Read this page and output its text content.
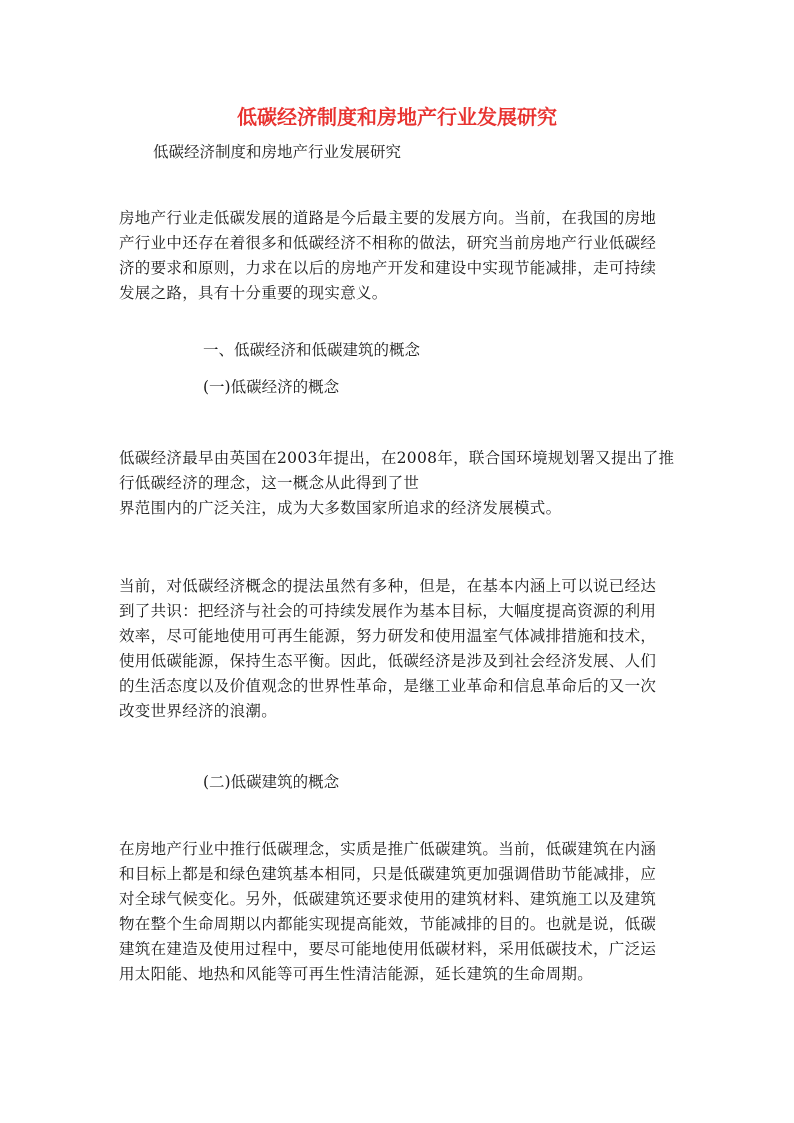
低碳经济制度和房地产行业发展研究
低碳经济制度和房地产行业发展研究
房地产行业走低碳发展的道路是今后最主要的发展方向。当前，在我国的房地
产行业中还存在着很多和低碳经济不相称的做法，研究当前房地产行业低碳经
济的要求和原则，力求在以后的房地产开发和建设中实现节能减排，走可持续
发展之路，具有十分重要的现实意义。
一、低碳经济和低碳建筑的概念
(一)低碳经济的概念
低碳经济最早由英国在2003年提出，在2008年，联合国环境规划署又提出了推
行低碳经济的理念，这一概念从此得到了世
界范围内的广泛关注，成为大多数国家所追求的经济发展模式。
当前，对低碳经济概念的提法虽然有多种，但是，在基本内涵上可以说已经达
到了共识：把经济与社会的可持续发展作为基本目标，大幅度提高资源的利用
效率，尽可能地使用可再生能源，努力研发和使用温室气体减排措施和技术，
使用低碳能源，保持生态平衡。因此，低碳经济是涉及到社会经济发展、人们
的生活态度以及价值观念的世界性革命，是继工业革命和信息革命后的又一次
改变世界经济的浪潮。
(二)低碳建筑的概念
在房地产行业中推行低碳理念，实质是推广低碳建筑。当前，低碳建筑在内涵
和目标上都是和绿色建筑基本相同，只是低碳建筑更加强调借助节能减排，应
对全球气候变化。另外，低碳建筑还要求使用的建筑材料、建筑施工以及建筑
物在整个生命周期以内都能实现提高能效，节能减排的目的。也就是说，低碳
建筑在建造及使用过程中，要尽可能地使用低碳材料，采用低碳技术，广泛运
用太阳能、地热和风能等可再生性清洁能源，延长建筑的生命周期。
